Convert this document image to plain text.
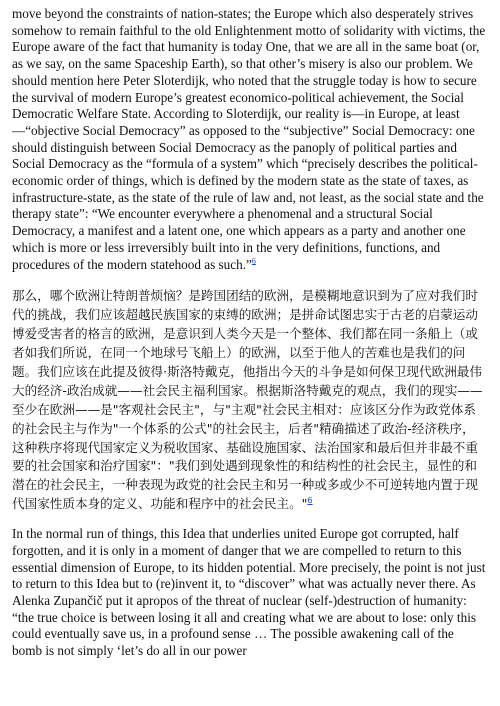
move beyond the constraints of nation-states; the Europe which also desperately strives somehow to remain faithful to the old Enlightenment motto of solidarity with victims, the Europe aware of the fact that humanity is today One, that we are all in the same boat (or, as we say, on the same Spaceship Earth), so that other’s misery is also our problem. We should mention here Peter Sloterdijk, who noted that the struggle today is how to secure the survival of modern Europe’s greatest economico-political achievement, the Social Democratic Welfare State. According to Sloterdijk, our reality is—in Europe, at least—“objective Social Democracy” as opposed to the “subjective” Social Democracy: one should distinguish between Social Democracy as the panoply of political parties and Social Democracy as the “formula of a system” which “precisely describes the political-economic order of things, which is defined by the modern state as the state of taxes, as infrastructure-state, as the state of the rule of law and, not least, as the social state and the therapy state”: “We encounter everywhere a phenomenal and a structural Social Democracy, a manifest and a latent one, one which appears as a party and another one which is more or less irreversibly built into in the very definitions, functions, and procedures of the modern statehood as such.”$^6$

那么，哪个欧洲让特朗普烦恼？是跨国团结的欧洲，是模糊地意识到为了应对我们时代的挑战，我们应该超越民族国家的束缚的欧洲；是拼命试图忠实于古老的启蒙运动博爱受害者的格言的欧洲，是意识到人类今天是一个整体、我们都在同一条船上（或者如我们所说，在同一个地球号飞船上）的欧洲，以至于他人的苦难也是我们的问题。我们应该在此提及彼得·斯洛特戴克，他指出今天的斗争是如何保卫现代欧洲最伟大的经济-政治成就——社会民主福利国家。根据斯洛特戴克的观点，我们的现实——至少在欧洲——是"客观社会民主"，与"主观"社会民主相对：应该区分作为政党体系的社会民主与作为"一个体系的公式"的社会民主，后者"精确描述了政治-经济秩序，这种秩序将现代国家定义为税收国家、基础设施国家、法治国家和最后但并非最不重要的社会国家和治疗国家"："我们到处遇到现象性的和结构性的社会民主，显性的和潜在的社会民主，一种表现为政党的社会民主和另一种或多或少不可逆转地内置于现代国家性质本身的定义、功能和程序中的社会民主。"$^6$

In the normal run of things, this Idea that underlies united Europe got corrupted, half forgotten, and it is only in a moment of danger that we are compelled to return to this essential dimension of Europe, to its hidden potential. More precisely, the point is not just to return to this Idea but to (re)invent it, to “discover” what was actually never there. As Alenka Zupančič put it apropos of the threat of nuclear (self-)destruction of humanity: “the true choice is between losing it all and creating what we are about to lose: only this could eventually save us, in a profound sense … The possible awakening call of the bomb is not simply ‘let’s do all in our power
